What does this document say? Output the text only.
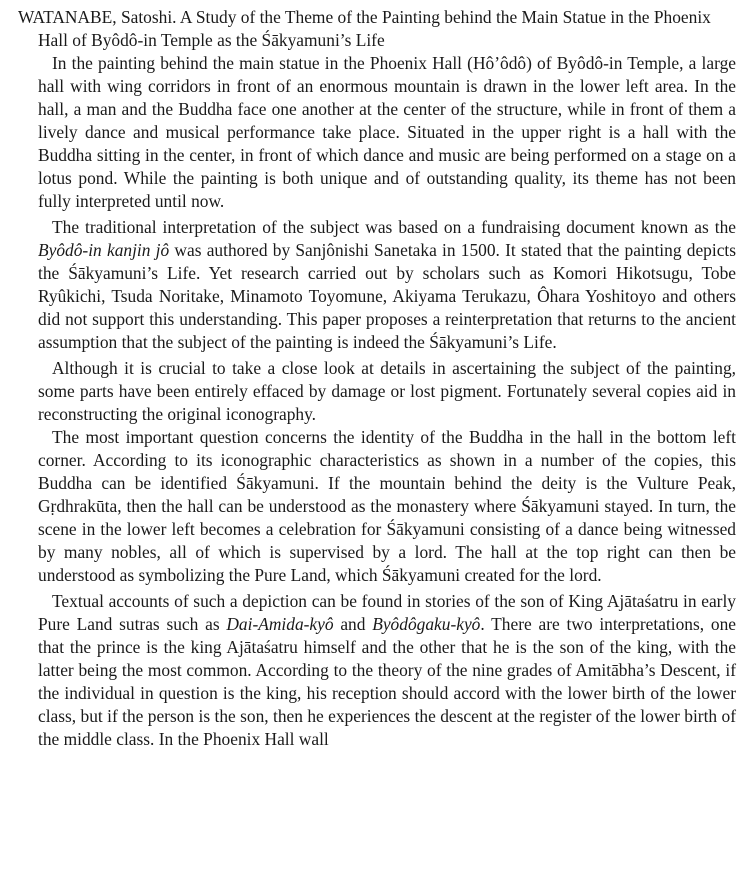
WATANABE, Satoshi. A Study of the Theme of the Painting behind the Main Statue in the Phoenix Hall of Byôdô-in Temple as the Śākyamuni’s Life

In the painting behind the main statue in the Phoenix Hall (Hô’ôdô) of Byôdô-in Temple, a large hall with wing corridors in front of an enormous mountain is drawn in the lower left area. In the hall, a man and the Buddha face one another at the center of the structure, while in front of them a lively dance and musical performance take place. Situated in the upper right is a hall with the Buddha sitting in the center, in front of which dance and music are being performed on a stage on a lotus pond. While the painting is both unique and of outstanding quality, its theme has not been fully interpreted until now.

The traditional interpretation of the subject was based on a fundraising document known as the Byôdô-in kanjin jô was authored by Sanjônishi Sanetaka in 1500. It stated that the painting depicts the Śākyamuni’s Life. Yet research carried out by scholars such as Komori Hikotsugu, Tobe Ryûkichi, Tsuda Noritake, Minamoto Toyomune, Akiyama Terukazu, Ôhara Yoshitoyo and others did not support this understanding. This paper proposes a reinterpretation that returns to the ancient assumption that the subject of the painting is indeed the Śākyamuni’s Life.

Although it is crucial to take a close look at details in ascertaining the subject of the painting, some parts have been entirely effaced by damage or lost pigment. Fortunately several copies aid in reconstructing the original iconography.

The most important question concerns the identity of the Buddha in the hall in the bottom left corner. According to its iconographic characteristics as shown in a number of the copies, this Buddha can be identified Śākyamuni. If the mountain behind the deity is the Vulture Peak, Gṛdhrakūta, then the hall can be understood as the monastery where Śākyamuni stayed. In turn, the scene in the lower left becomes a celebration for Śākyamuni consisting of a dance being witnessed by many nobles, all of which is supervised by a lord. The hall at the top right can then be understood as symbolizing the Pure Land, which Śākyamuni created for the lord.

Textual accounts of such a depiction can be found in stories of the son of King Ajātaśatru in early Pure Land sutras such as Dai-Amida-kyô and Byôdôgaku-kyô. There are two interpretations, one that the prince is the king Ajātaśatru himself and the other that he is the son of the king, with the latter being the most common. According to the theory of the nine grades of Amitābha’s Descent, if the individual in question is the king, his reception should accord with the lower birth of the lower class, but if the person is the son, then he experiences the descent at the register of the lower birth of the middle class. In the Phoenix Hall wall
